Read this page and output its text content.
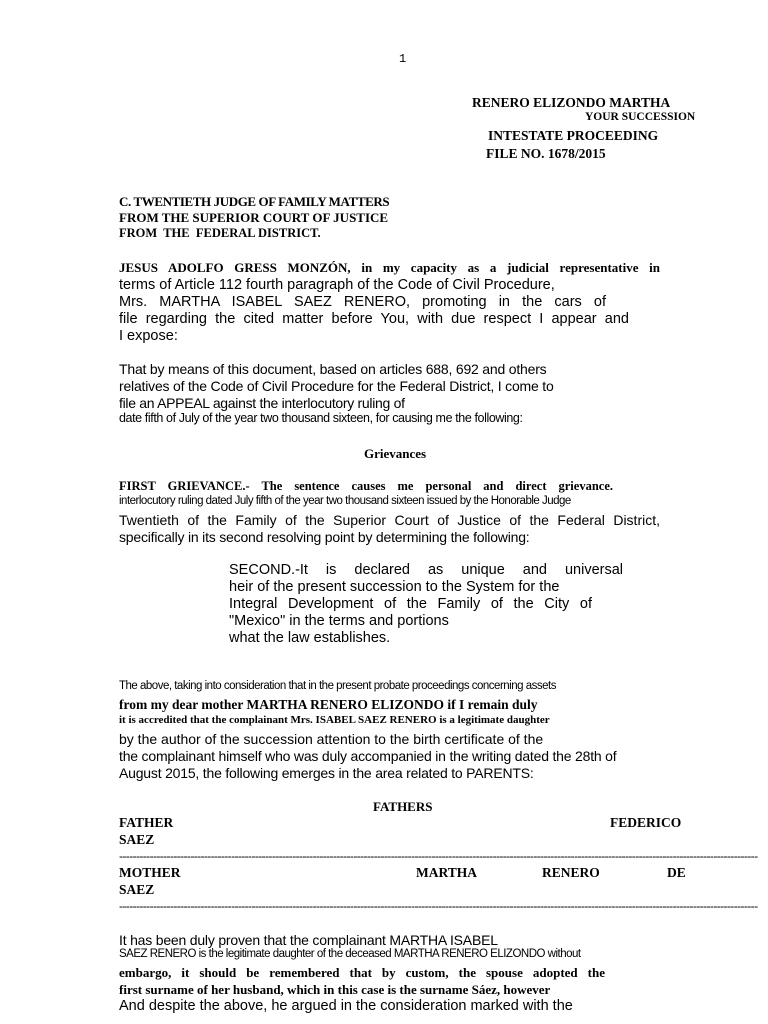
1
RENERO ELIZONDO MARTHA
YOUR SUCCESSION
INTESTATE PROCEEDING
FILE NO. 1678/2015
C. TWENTIETH JUDGE OF FAMILY MATTERS
FROM THE SUPERIOR COURT OF JUSTICE
FROM  THE  FEDERAL DISTRICT.
JESUS ADOLFO GRESS MONZÓN, in my capacity as a judicial representative in
terms of Article 112 fourth paragraph of the Code of Civil Procedure,
Mrs. MARTHA ISABEL SAEZ RENERO, promoting in the cars of
file regarding the cited matter before You, with due respect I appear and
I expose:
That by means of this document, based on articles 688, 692 and others
relatives of the Code of Civil Procedure for the Federal District, I come to
file an APPEAL against the interlocutory ruling of
date fifth of July of the year two thousand sixteen, for causing me the following:
Grievances
FIRST GRIEVANCE.- The sentence causes me personal and direct grievance.
interlocutory ruling dated July fifth of the year two thousand sixteen issued by the Honorable Judge
Twentieth of the Family of the Superior Court of Justice of the Federal District,
specifically in its second resolving point by determining the following:
SECOND.-It is declared as unique and universal
heir of the present succession to the System for the
Integral Development of the Family of the City of
"Mexico" in the terms and portions
what the law establishes.
The above, taking into consideration that in the present probate proceedings concerning assets
from my dear mother MARTHA RENERO ELIZONDO if I remain duly
it is accredited that the complainant Mrs. ISABEL SAEZ RENERO is a legitimate daughter
by the author of the succession attention to the birth certificate of the
the complainant himself who was duly accompanied in the writing dated the 28th of
August 2015, the following emerges in the area related to PARENTS:
FATHERS
FATHER	FEDERICO
SAEZ
--------------------------------------------------------------------------------------------------------------------------------------------------------------------------------------------
MOTHER	MARTHA	RENERO	DE
SAEZ
--------------------------------------------------------------------------------------------------------------------------------------------------------------------------------------------
It has been duly proven that the complainant MARTHA ISABEL
SAEZ RENERO is the legitimate daughter of the deceased MARTHA RENERO ELIZONDO without
embargo, it should be remembered that by custom, the spouse adopted the
first surname of her husband, which in this case is the surname Sáez, however
And despite the above, he argued in the consideration marked with the
